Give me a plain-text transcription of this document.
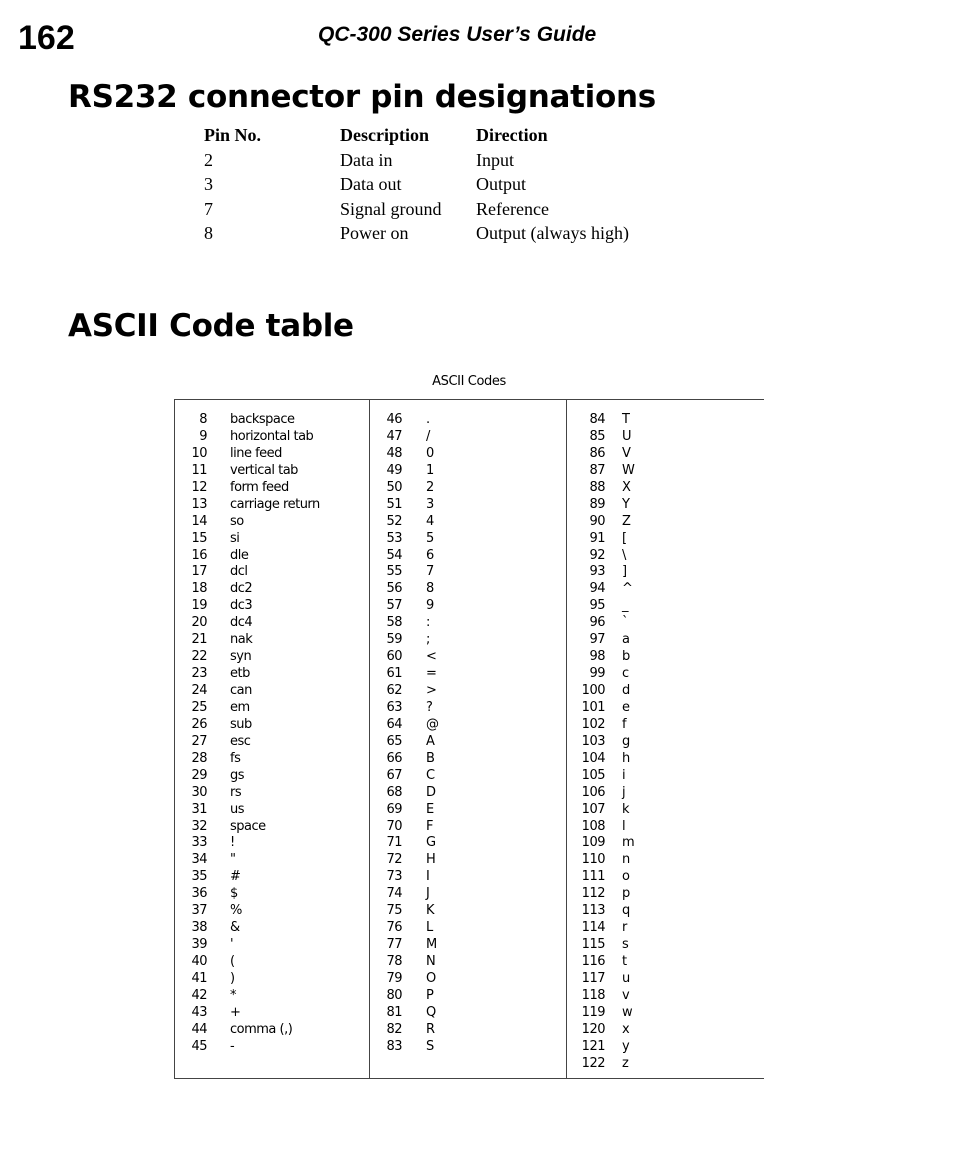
162	QC-300 Series User’s Guide
RS232 connector pin designations
Pin No.	Description	Direction
2	Data in	Input
3	Data out	Output
7	Signal ground	Reference
8	Power on	Output (always high)
ASCII Code table
ASCII Codes
8 backspace
9 horizontal tab
10 line feed
11 vertical tab
12 form feed
13 carriage return
14 so
15 si
16 dle
17 dcl
18 dc2
19 dc3
20 dc4
21 nak
22 syn
23 etb
24 can
25 em
26 sub
27 esc
28 fs
29 gs
30 rs
31 us
32 space
33 !
34 "
35 #
36 $
37 %
38 &
39 '
40 (
41 )
42 *
43 +
44 comma (,)
45 -
46 .
47 /
48 0
49 1
50 2
51 3
52 4
53 5
54 6
55 7
56 8
57 9
58 :
59 ;
60 <
61 =
62 >
63 ?
64 @
65 A
66 B
67 C
68 D
69 E
70 F
71 G
72 H
73 I
74 J
75 K
76 L
77 M
78 N
79 O
80 P
81 Q
82 R
83 S
84 T
85 U
86 V
87 W
88 X
89 Y
90 Z
91 [
92 \
93 ]
94 ^
95 _
96 `
97 a
98 b
99 c
100 d
101 e
102 f
103 g
104 h
105 i
106 j
107 k
108 l
109 m
110 n
111 o
112 p
113 q
114 r
115 s
116 t
117 u
118 v
119 w
120 x
121 y
122 z
